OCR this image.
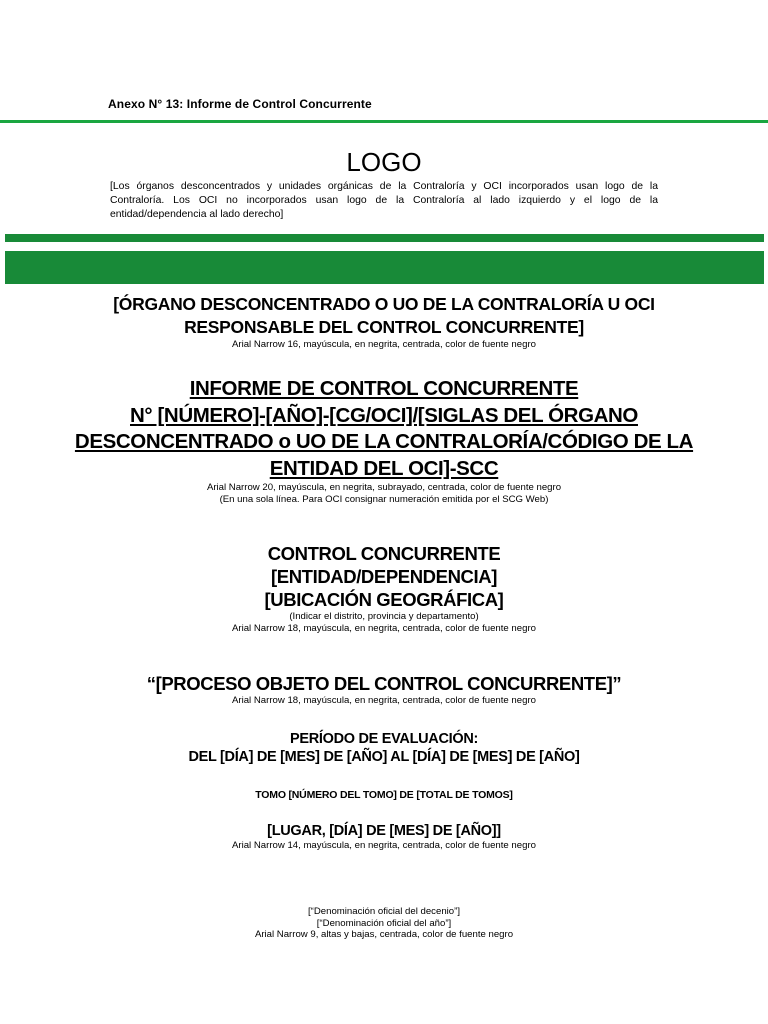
Anexo N° 13: Informe de Control Concurrente
LOGO
[Los órganos desconcentrados y unidades orgánicas de la Contraloría y OCI incorporados usan logo de la
Contraloría. Los OCI no incorporados usan logo de la Contraloría al lado izquierdo y el logo de la
entidad/dependencia al lado derecho]
[ÓRGANO DESCONCENTRADO O UO DE LA CONTRALORÍA U OCI
RESPONSABLE DEL CONTROL CONCURRENTE]
Arial Narrow 16, mayúscula, en negrita, centrada, color de fuente negro
INFORME DE CONTROL CONCURRENTE
N° [NÚMERO]-[AÑO]-[CG/OCI]/[SIGLAS DEL ÓRGANO
DESCONCENTRADO o UO DE LA CONTRALORÍA/CÓDIGO DE LA
ENTIDAD DEL OCI]-SCC
Arial Narrow 20, mayúscula, en negrita, subrayado, centrada, color de fuente negro
(En una sola línea. Para OCI consignar numeración emitida por el SCG Web)
CONTROL CONCURRENTE
[ENTIDAD/DEPENDENCIA]
[UBICACIÓN GEOGRÁFICA]
(Indicar el distrito, provincia y departamento)
Arial Narrow 18, mayúscula, en negrita, centrada, color de fuente negro
“[PROCESO OBJETO DEL CONTROL CONCURRENTE]”
Arial Narrow 18, mayúscula, en negrita, centrada, color de fuente negro
PERÍODO DE EVALUACIÓN:
DEL [DÍA] DE [MES] DE [AÑO] AL [DÍA] DE [MES] DE [AÑO]
TOMO [NÚMERO DEL TOMO] DE [TOTAL DE TOMOS]
[LUGAR, [DÍA] DE [MES] DE [AÑO]]
Arial Narrow 14, mayúscula, en negrita, centrada, color de fuente negro
[“Denominación oficial del decenio”]
[“Denominación oficial del año”]
Arial Narrow 9, altas y bajas, centrada, color de fuente negro
